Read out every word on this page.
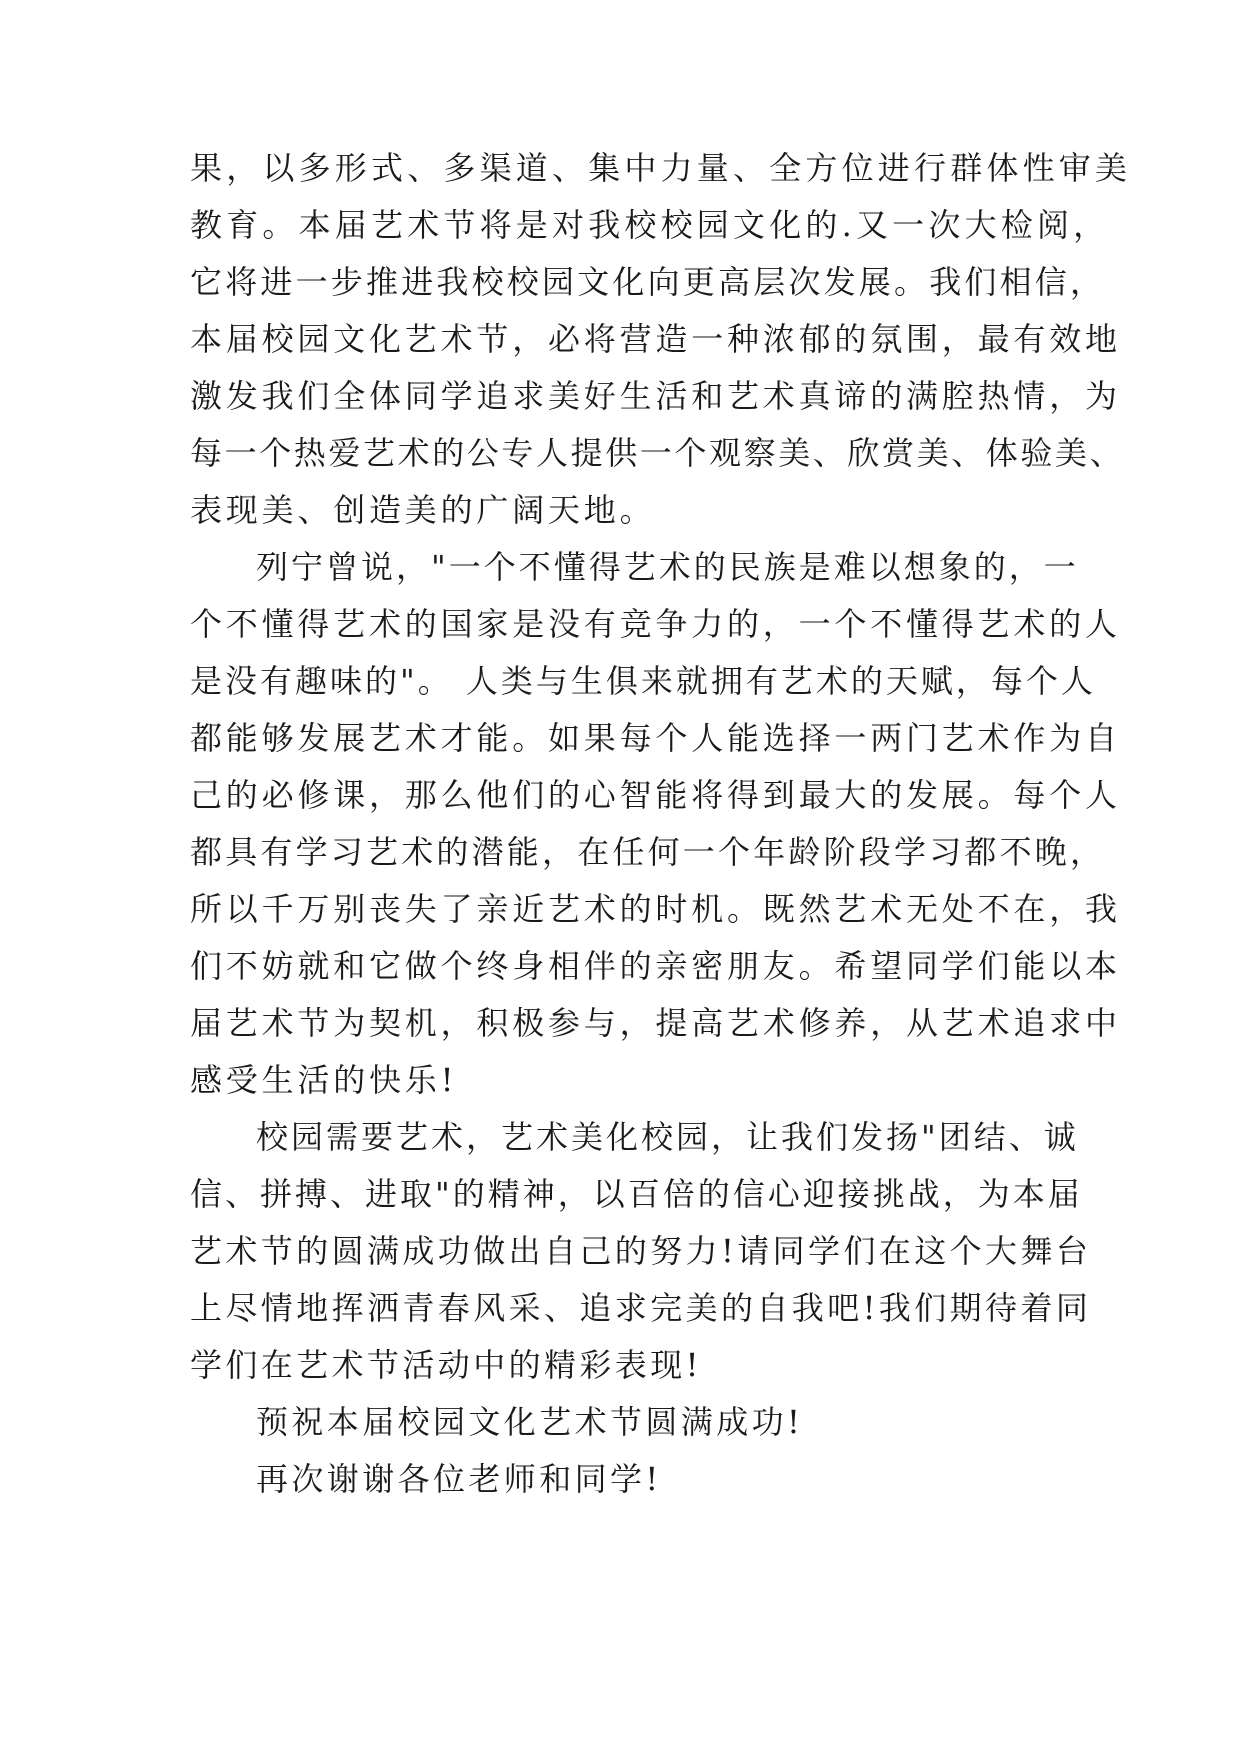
果，以多形式、多渠道、集中力量、全方位进行群体性审美
教育。本届艺术节将是对我校校园文化的.又一次大检阅，
它将进一步推进我校校园文化向更高层次发展。我们相信，
本届校园文化艺术节，必将营造一种浓郁的氛围，最有效地
激发我们全体同学追求美好生活和艺术真谛的满腔热情，为
每一个热爱艺术的公专人提供一个观察美、欣赏美、体验美、
表现美、创造美的广阔天地。
列宁曾说，"一个不懂得艺术的民族是难以想象的，一
个不懂得艺术的国家是没有竞争力的，一个不懂得艺术的人
是没有趣味的"。 人类与生俱来就拥有艺术的天赋，每个人
都能够发展艺术才能。如果每个人能选择一两门艺术作为自
己的必修课，那么他们的心智能将得到最大的发展。每个人
都具有学习艺术的潜能，在任何一个年龄阶段学习都不晚，
所以千万别丧失了亲近艺术的时机。既然艺术无处不在，我
们不妨就和它做个终身相伴的亲密朋友。希望同学们能以本
届艺术节为契机，积极参与，提高艺术修养，从艺术追求中
感受生活的快乐!
校园需要艺术，艺术美化校园，让我们发扬"团结、诚
信、拼搏、进取"的精神，以百倍的信心迎接挑战，为本届
艺术节的圆满成功做出自己的努力!请同学们在这个大舞台
上尽情地挥洒青春风采、追求完美的自我吧!我们期待着同
学们在艺术节活动中的精彩表现!
预祝本届校园文化艺术节圆满成功!
再次谢谢各位老师和同学!
